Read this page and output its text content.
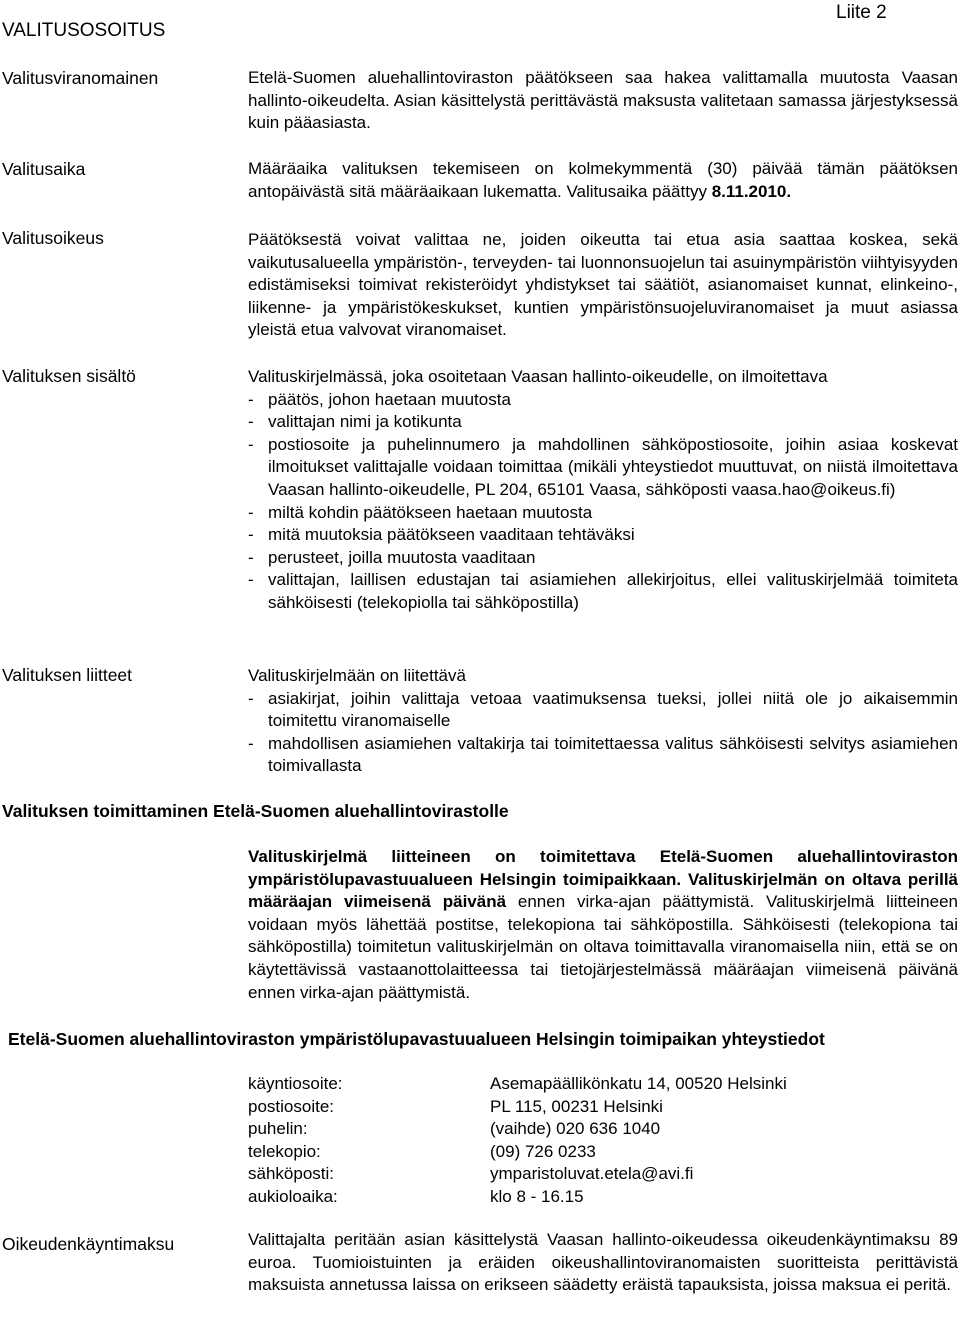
VALITUSOSOITUS
Liite 2
Valitusviranomainen	Etelä-Suomen aluehallintoviraston päätökseen saa hakea valittamalla muutosta Vaasan hallinto-oikeudelta. Asian käsittelystä perittävästä maksusta valitetaan samassa järjestyksessä kuin pääasiasta.

Valitusaika	Määräaika valituksen tekemiseen on kolmekymmentä (30) päivää tämän päätöksen antopäivästä sitä määräaikaan lukematta. Valitusaika päättyy 8.11.2010.

Valitusoikeus	Päätöksestä voivat valittaa ne, joiden oikeutta tai etua asia saattaa koskea, sekä vaikutusalueella ympäristön-, terveyden- tai luonnonsuojelun tai asuinympäristön viihtyisyyden edistämiseksi toimivat rekisteröidyt yhdistykset tai säätiöt, asianomaiset kunnat, elinkeino-, liikenne- ja ympäristökeskukset, kuntien ympäristönsuojeluviranomaiset ja muut asiassa yleistä etua valvovat viranomaiset.

Valituksen sisältö	Valituskirjelmässä, joka osoitetaan Vaasan hallinto-oikeudelle, on ilmoitettava

- päätös, johon haetaan muutosta
- valittajan nimi ja kotikunta
- postiosoite ja puhelinnumero ja mahdollinen sähköpostiosoite, joihin asiaa koskevat ilmoitukset valittajalle voidaan toimittaa (mikäli yhteystiedot muuttuvat, on niistä ilmoitettava Vaasan hallinto-oikeudelle, PL 204, 65101 Vaasa, sähköposti vaasa.hao@oikeus.fi)
- miltä kohdin päätökseen haetaan muutosta
- mitä muutoksia päätökseen vaaditaan tehtäväksi
- perusteet, joilla muutosta vaaditaan
- valittajan, laillisen edustajan tai asiamiehen allekirjoitus, ellei valituskirjelmää toimiteta sähköisesti (telekopiolla tai sähköpostilla)
Valituksen liitteet	Valituskirjelmään on liitettävä

- asiakirjat, joihin valittaja vetoaa vaatimuksensa tueksi, jollei niitä ole jo aikaisemmin toimitettu viranomaiselle
- mahdollisen asiamiehen valtakirja tai toimitettaessa valitus sähköisesti selvitys asiamiehen toimivallasta
Valituksen toimittaminen Etelä-Suomen aluehallintovirastolle

Valituskirjelmä liitteineen on toimitettava Etelä-Suomen aluehallintoviraston ympäristölupavastuualueen Helsingin toimipaikkaan. Valituskirjelmän on oltava perillä määräajan viimeisenä päivänä ennen virka-ajan päättymistä. Valituskirjelmä liitteineen voidaan myös lähettää postitse, telekopiona tai sähköpostilla. Sähköisesti (telekopiona tai sähköpostilla) toimitetun valituskirjelmän on oltava toimittavalla viranomaisella niin, että se on käytettävissä vastaanottolaitteessa tai tietojärjestelmässä määräajan viimeisenä päivänä ennen virka-ajan päättymistä.

Etelä-Suomen aluehallintoviraston ympäristölupavastuualueen Helsingin toimipaikan yhteystiedot
käyntiosoite:	Asemapäällikönkatu 14, 00520 Helsinki
postiosoite:	PL 115, 00231 Helsinki
puhelin:	(vaihde) 020 636 1040
telekopio:	(09) 726 0233
sähköposti:	ymparistoluvat.etela@avi.fi
aukioloaika:	klo 8 - 16.15
Oikeudenkäyntimaksu	Valittajalta peritään asian käsittelystä Vaasan hallinto-oikeudessa oikeudenkäyntimaksu 89 euroa. Tuomioistuinten ja eräiden oikeushallintoviranomaisten suoritteista perittävistä maksuista annetussa laissa on erikseen säädetty eräistä tapauksista, joissa maksua ei peritä.
